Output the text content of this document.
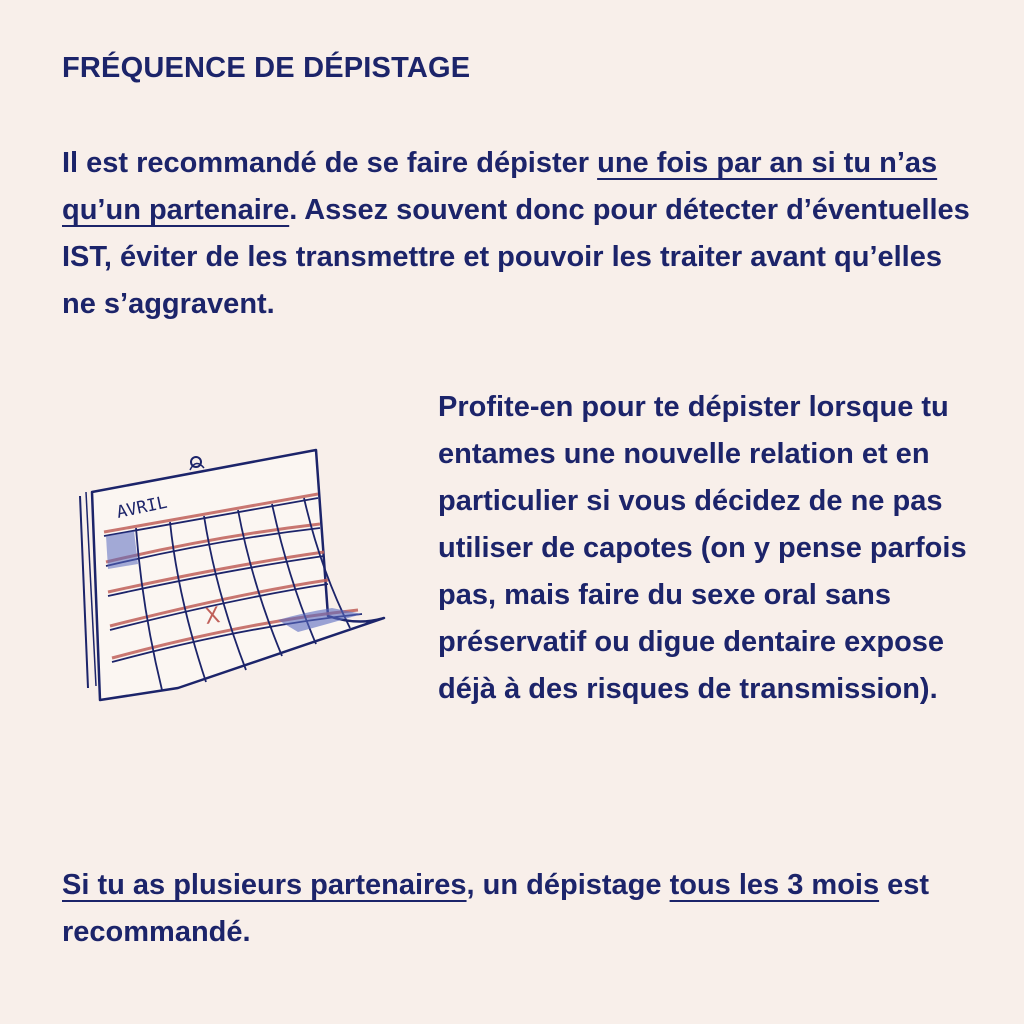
FRÉQUENCE DE DÉPISTAGE

Il est recommandé de se faire dépister une fois par an si tu n’as qu’un partenaire. Assez souvent donc pour détecter d’éventuelles IST, éviter de les transmettre et pouvoir les traiter avant qu’elles ne s’aggravent.

AVRIL
X

Profite-en pour te dépister lorsque tu entames une nouvelle relation et en particulier si vous décidez de ne pas utiliser de capotes (on y pense parfois pas, mais faire du sexe oral sans préservatif ou digue dentaire expose déjà à des risques de transmission).

Si tu as plusieurs partenaires, un dépistage tous les 3 mois est recommandé.
